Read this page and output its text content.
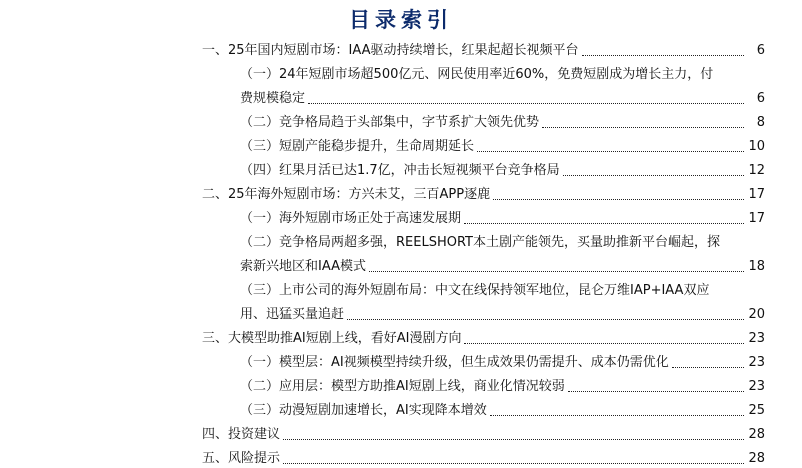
目录索引
一、25年国内短剧市场：IAA驱动持续增长，红果起超长视频平台	6
（一）24年短剧市场超500亿元、网民使用率近60%，免费短剧成为增长主力，付
费规模稳定	6
（二）竞争格局趋于头部集中，字节系扩大领先优势	8
（三）短剧产能稳步提升，生命周期延长	10
（四）红果月活已达1.7亿，冲击长短视频平台竞争格局	12
二、25年海外短剧市场：方兴未艾，三百APP逐鹿	17
（一）海外短剧市场正处于高速发展期	17
（二）竞争格局两超多强，REELSHORT本土剧产能领先，买量助推新平台崛起，探
索新兴地区和IAA模式	18
（三）上市公司的海外短剧布局：中文在线保持领军地位，昆仑万维IAP+IAA双应
用、迅猛买量追赶	20
三、大模型助推AI短剧上线，看好AI漫剧方向	23
（一）模型层：AI视频模型持续升级，但生成效果仍需提升、成本仍需优化	23
（二）应用层：模型方助推AI短剧上线，商业化情况较弱	23
（三）动漫短剧加速增长，AI实现降本增效	25
四、投资建议	28
五、风险提示	28
